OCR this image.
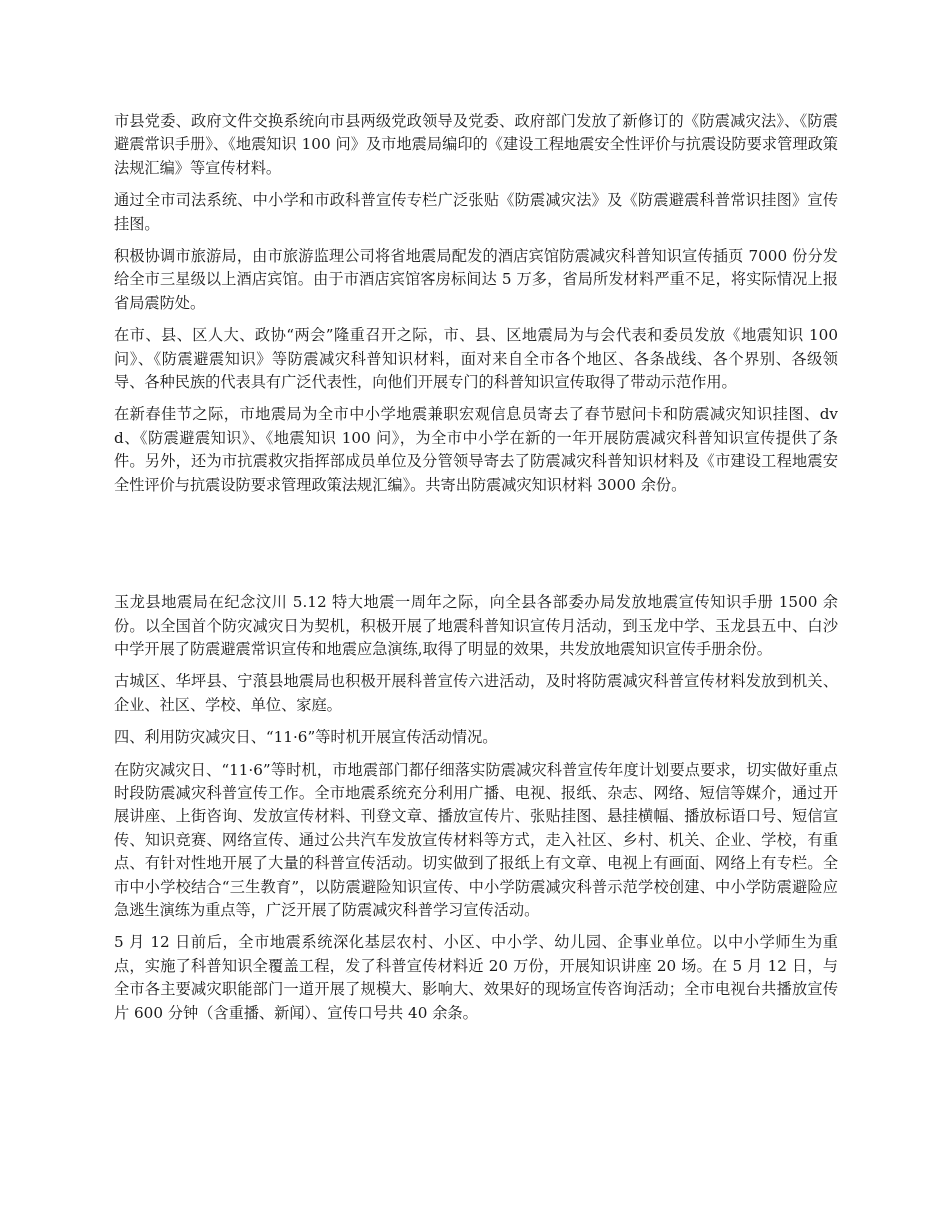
市县党委、政府文件交换系统向市县两级党政领导及党委、政府部门发放了新修订的《防震减灾法》、《防震避震常识手册》、《地震知识 100 问》及市地震局编印的《建设工程地震安全性评价与抗震设防要求管理政策法规汇编》等宣传材料。

通过全市司法系统、中小学和市政科普宣传专栏广泛张贴《防震减灾法》及《防震避震科普常识挂图》宣传挂图。

积极协调市旅游局，由市旅游监理公司将省地震局配发的酒店宾馆防震减灾科普知识宣传插页 7000 份分发给全市三星级以上酒店宾馆。由于市酒店宾馆客房标间达 5 万多，省局所发材料严重不足，将实际情况上报省局震防处。

在市、县、区人大、政协“两会”隆重召开之际，市、县、区地震局为与会代表和委员发放《地震知识 100 问》、《防震避震知识》等防震减灾科普知识材料，面对来自全市各个地区、各条战线、各个界别、各级领导、各种民族的代表具有广泛代表性，向他们开展专门的科普知识宣传取得了带动示范作用。

在新春佳节之际，市地震局为全市中小学地震兼职宏观信息员寄去了春节慰问卡和防震减灾知识挂图、dvd、《防震避震知识》、《地震知识 100 问》，为全市中小学在新的一年开展防震减灾科普知识宣传提供了条件。另外，还为市抗震救灾指挥部成员单位及分管领导寄去了防震减灾科普知识材料及《市建设工程地震安全性评价与抗震设防要求管理政策法规汇编》。共寄出防震减灾知识材料 3000 余份。

玉龙县地震局在纪念汶川 5.12 特大地震一周年之际，向全县各部委办局发放地震宣传知识手册 1500 余份。以全国首个防灾减灾日为契机，积极开展了地震科普知识宣传月活动，到玉龙中学、玉龙县五中、白沙中学开展了防震避震常识宣传和地震应急演练,取得了明显的效果，共发放地震知识宣传手册余份。

古城区、华坪县、宁蒗县地震局也积极开展科普宣传六进活动，及时将防震减灾科普宣传材料发放到机关、企业、社区、学校、单位、家庭。

四、利用防灾减灾日、“11·6”等时机开展宣传活动情况。

在防灾减灾日、“11·6”等时机，市地震部门都仔细落实防震减灾科普宣传年度计划要点要求，切实做好重点时段防震减灾科普宣传工作。全市地震系统充分利用广播、电视、报纸、杂志、网络、短信等媒介，通过开展讲座、上街咨询、发放宣传材料、刊登文章、播放宣传片、张贴挂图、悬挂横幅、播放标语口号、短信宣传、知识竞赛、网络宣传、通过公共汽车发放宣传材料等方式，走入社区、乡村、机关、企业、学校，有重点、有针对性地开展了大量的科普宣传活动。切实做到了报纸上有文章、电视上有画面、网络上有专栏。全市中小学校结合“三生教育”，以防震避险知识宣传、中小学防震减灾科普示范学校创建、中小学防震避险应急逃生演练为重点等，广泛开展了防震减灾科普学习宣传活动。

5 月 12 日前后，全市地震系统深化基层农村、小区、中小学、幼儿园、企事业单位。以中小学师生为重点，实施了科普知识全覆盖工程，发了科普宣传材料近 20 万份，开展知识讲座 20 场。在 5 月 12 日，与全市各主要减灾职能部门一道开展了规模大、影响大、效果好的现场宣传咨询活动；全市电视台共播放宣传片 600 分钟（含重播、新闻）、宣传口号共 40 余条。
